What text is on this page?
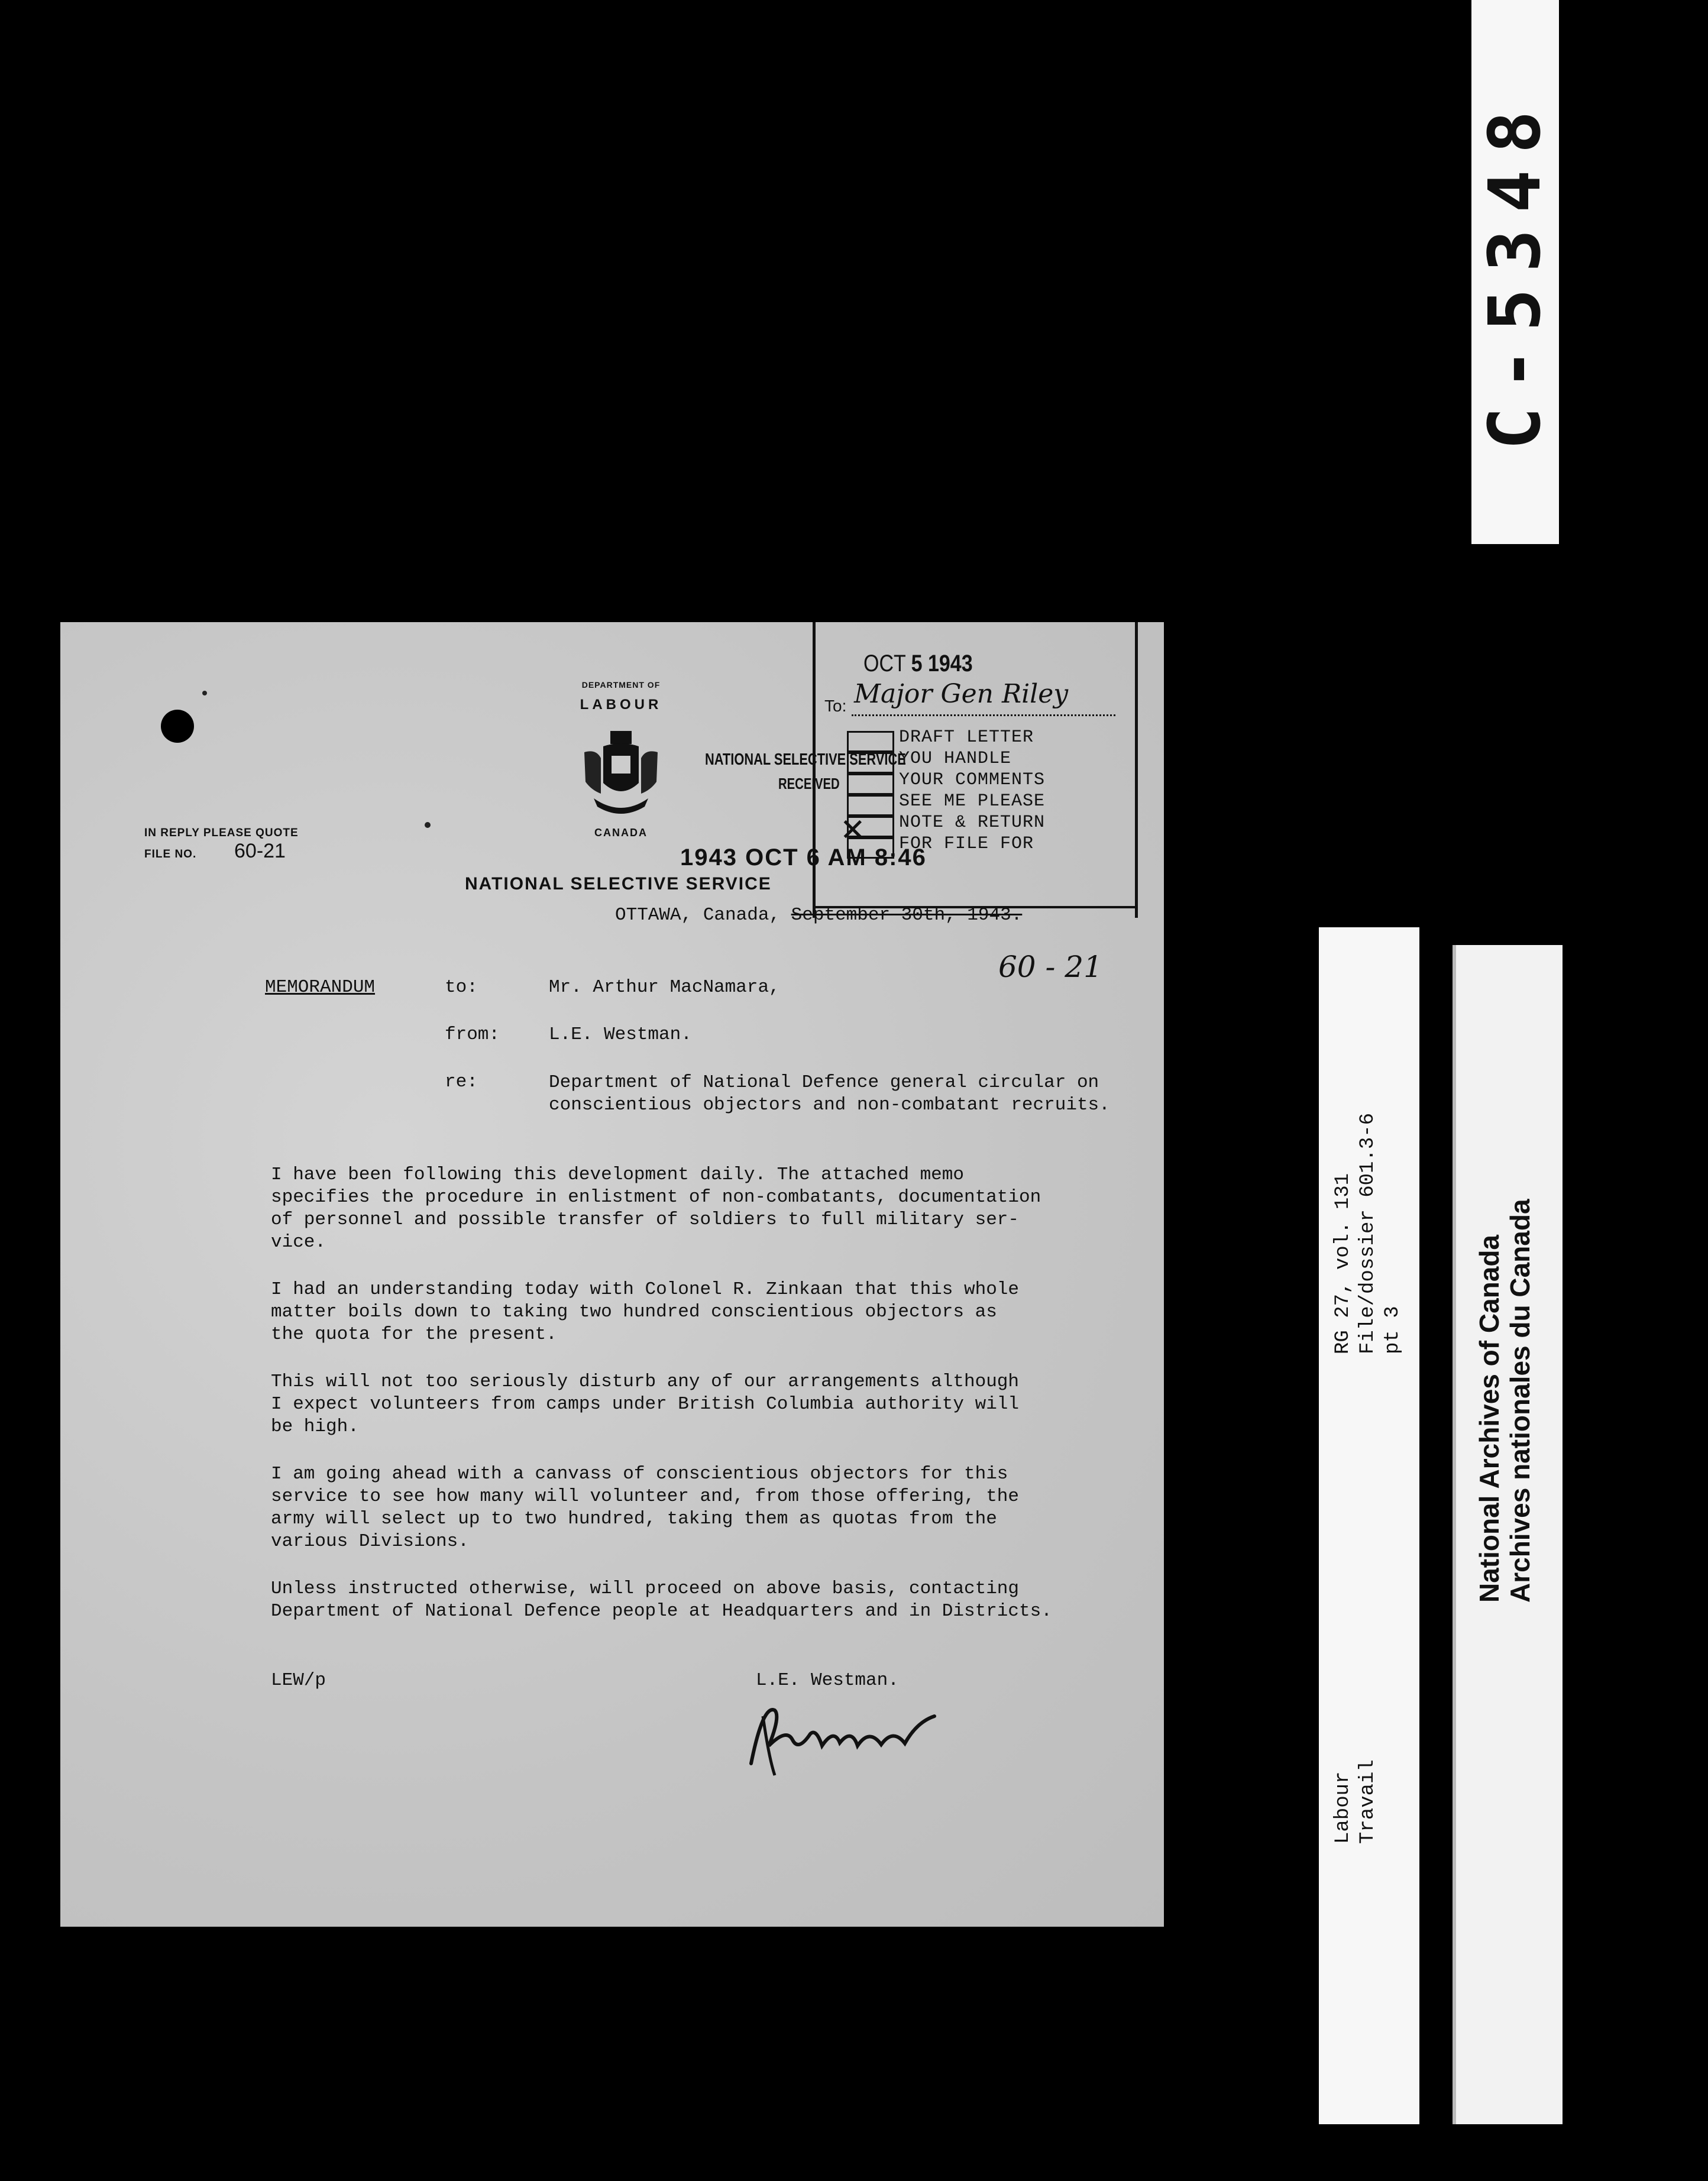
C-5348
DEPARTMENT OF
LABOUR
CANADA
IN REPLY PLEASE QUOTE
FILE NO. 60-21
NATIONAL SELECTIVE SERVICE
OTTAWA, Canada, September 30th, 1943.
NATIONAL SELECTIVE SERVICE
RECEIVED
1943 OCT 6 AM 8:46
OCT 5 1943
To: Major Gen Riley
DRAFT LETTER
YOU HANDLE
YOUR COMMENTS
SEE ME PLEASE
NOTE & RETURN
FOR FILE FOR
✕
60 - 21
MEMORANDUM	to:	Mr. Arthur MacNamara,
from:	L.E. Westman.
re:	Department of National Defence general circular on conscientious objectors and non-combatant recruits.
I have been following this development daily. The attached memo
specifies the procedure in enlistment of non-combatants, documentation
of personnel and possible transfer of soldiers to full military ser-
vice.
I had an understanding today with Colonel R. Zinkaan that this whole
matter boils down to taking two hundred conscientious objectors as
the quota for the present.
This will not too seriously disturb any of our arrangements although
I expect volunteers from camps under British Columbia authority will
be high.
I am going ahead with a canvass of conscientious objectors for this
service to see how many will volunteer and, from those offering, the
army will select up to two hundred, taking them as quotas from the
various Divisions.
Unless instructed otherwise, will proceed on above basis, contacting
Department of National Defence people at Headquarters and in Districts.
LEW/p	L.E. Westman.
RG 27, vol. 131
File/dossier 601.3-6
pt 3
Labour
Travail
National Archives of Canada
Archives nationales du Canada
